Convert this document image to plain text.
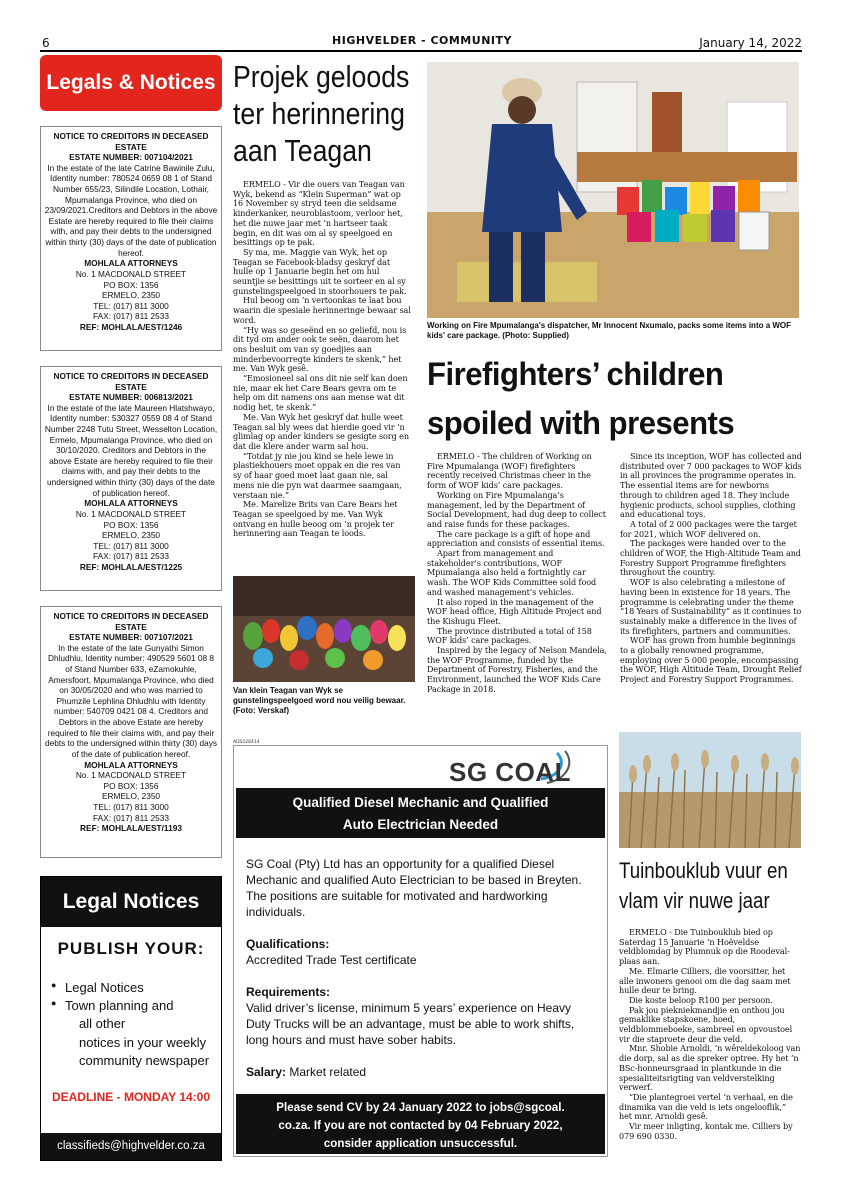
6	HIGHVELDER - COMMUNITY	January 14, 2022
Legals & Notices
NOTICE TO CREDITORS IN DECEASED ESTATE
ESTATE NUMBER: 007104/2021
In the estate of the late Catrine Bawinile Zulu, Identity number: 780524 0659 08 1 of Stand Number 655/23, Silindile Location, Lothair, Mpumalanga Province, who died on 23/09/2021.Creditors and Debtors in the above Estate are hereby required to file their claims with, and pay their debts to the undersigned within thirty (30) days of the date of publication hereof.
MOHLALA ATTORNEYS
No. 1 MACDONALD STREET
PO BOX: 1356
ERMELO, 2350
TEL: (017) 811 3000
FAX: (017) 811 2533
REF: MOHLALA/EST/1246
NOTICE TO CREDITORS IN DECEASED ESTATE
ESTATE NUMBER: 006813/2021
In the estate of the late Maureen Hlatshwayo, Identity number: 530327 0559 08 4 of Stand Number 2248 Tutu Street, Wesselton Location, Ermelo, Mpumalanga Province, who died on 30/10/2020. Creditors and Debtors in the above Estate are hereby required to file their claims with, and pay their debts to the undersigned within thirty (30) days of the date of publication hereof.
MOHLALA ATTORNEYS
No. 1 MACDONALD STREET
PO BOX: 1356
ERMELO, 2350
TEL: (017) 811 3000
FAX: (017) 811 2533
REF: MOHLALA/EST/1225
NOTICE TO CREDITORS IN DECEASED ESTATE
ESTATE NUMBER: 007107/2021
In the estate of the late Gunyathi Simon Dhludhlu, Identity number: 490529 5601 08 8 of Stand Number 633, eZamokuhle, Amersfoort, Mpumalanga Province, who died on 30/05/2020 and who was married to Phumzile Lephlina Dhludhlu with Identity number: 540709 0421 08 4. Creditors and Debtors in the above Estate are hereby required to file their claims with, and pay their debts to the undersigned within thirty (30) days of the date of publication hereof.
MOHLALA ATTORNEYS
No. 1 MACDONALD STREET
PO BOX: 1356
ERMELO, 2350
TEL: (017) 811 3000
FAX: (017) 811 2533
REF: MOHLALA/EST/1193
Legal Notices
PUBLISH YOUR:
● Legal Notices
● Town planning and
all other
notices in your weekly
community newspaper
DEADLINE - MONDAY 14:00
classifieds@highvelder.co.za
Projek geloods ter herinnering aan Teagan

ERMELO - Vir die ouers van Teagan van Wyk, bekend as “Klein Superman” wat op 16 November sy stryd teen die seldsame kinderkanker, neuroblastoom, verloor het, het die nuwe jaar met ’n hartseer taak begin, en dit was om al sy speelgoed en besittings op te pak.

Sy ma, me. Maggie van Wyk, het op Teagan se Facebook-bladsy geskryf dat hulle op 1 Januarie begin het om hul seuntjie se besittings uit te sorteer en al sy gunstelingspeelgoed in stoorhouers te pak.

Hul beoog om ’n vertoonkas te laat bou waarin die spesiale herinneringe bewaar sal word.

“Hy was so geseënd en so geliefd, nou is dit tyd om ander ook te seën, daarom het ons besluit om van sy goedjies aan minderbevoorregte kinders te skenk,” het me. Van Wyk gesê.

“Emosioneel sal ons dit nie self kan doen nie, maar ek het Care Bears gevra om te help om dit namens ons aan mense wat dit nodig het, te skenk.”

Me. Van Wyk het geskryf dat hulle weet Teagan sal bly wees dat hierdie goed vir ’n glimlag op ander kinders se gesigte sorg en dat die klere ander warm sal hou.

“Totdat jy nie jou kind se hele lewe in plastiekhouers moet oppak en die res van sy of haar goed moet laat gaan nie, sal mens nie die pyn wat daarmee saamgaan, verstaan nie.”

Me. Marelize Brits van Care Bears het Teagan se speelgoed by me. Van Wyk ontvang en hulle beoog om ’n projek ter herinnering aan Teagan te loods.

Van klein Teagan van Wyk se gunstelingspeelgoed word nou veilig bewaar. (Foto: Verskaf)
Working on Fire Mpumalanga's dispatcher, Mr Innocent Nxumalo, packs some items into a WOF kids' care package. (Photo: Supplied)
Firefighters’ children
spoiled with presents

ERMELO - The children of Working on Fire Mpumalanga (WOF) firefighters recently received Christmas cheer in the form of WOF kids’ care packages.

Working on Fire Mpumalanga’s management, led by the Department of Social Development, had dug deep to collect and raise funds for these packages.

The care package is a gift of hope and appreciation and consists of essential items.

Apart from management and stakeholder’s contributions, WOF Mpumalanga also held a fortnightly car wash. The WOF Kids Committee sold food and washed management’s vehicles.

It also roped in the management of the WOF head office, High Altitude Project and the Kishugu Fleet.

The province distributed a total of 158 WOF kids’ care packages.

Inspired by the legacy of Nelson Mandela, the WOF Programme, funded by the Department of Forestry, Fisheries, and the Environment, launched the WOF Kids Care Package in 2018.

Since its inception, WOF has collected and distributed over 7 000 packages to WOF kids in all provinces the programme operates in. The essential items are for newborns through to children aged 18. They include hygienic products, school supplies, clothing and educational toys.

A total of 2 000 packages were the target for 2021, which WOF delivered on.

The packages were handed over to the children of WOF, the High-Altitude Team and Forestry Support Programme firefighters throughout the country.

WOF is also celebrating a milestone of having been in existence for 18 years. The programme is celebrating under the theme “18 Years of Sustainability” as it continues to sustainably make a difference in the lives of its firefighters, partners and communities.

WOF has grown from humble beginnings to a globally renowned programme, employing over 5 000 people, encompassing the WOF, High Altitude Team, Drought Relief Project and Forestry Support Programmes.

ADS528414
SG COAL
Qualified Diesel Mechanic and Qualified
Auto Electrician Needed
SG Coal (Pty) Ltd has an opportunity for a qualified Diesel Mechanic and qualified Auto Electrician to be based in Breyten. The positions are suitable for motivated and hardworking individuals.
Qualifications:
Accredited Trade Test certificate
Requirements:
Valid driver’s license, minimum 5 years’ experience on Heavy Duty Trucks will be an advantage, must be able to work shifts, long hours and must have sober habits.
Salary: Market related
Please send CV by 24 January 2022 to jobs@sgcoal.
co.za. If you are not contacted by 04 February 2022,
consider application unsuccessful.
Tuinbouklub vuur en vlam vir nuwe jaar

ERMELO - Die Tuinbouklub bied op Saterdag 15 Januarie ’n Hoëveldse veldblomdag by Plumnuk op die Roodeval-plaas aan.

Me. Elmarie Cilliers, die voorsitter, het alle inwoners genooi om die dag saam met hulle deur te bring.

Die koste beloop R100 per persoon.

Pak jou piekniekmandjie en onthou jou gemaklike stapskoene, hoed, veldblommeboeke, sambreel en opvoustoel vir die staproete deur die veld.

Mnr. Shobie Arnoldi, ’n wêreldekoloog van die dorp, sal as die spreker optree. Hy het ’n BSc-honneursgraad in plantkunde in die spesialiteitsrigting van veldverstelking verwerf.

“Die plantegroei vertel ’n verhaal, en die dinamika van die veld is iets ongelooflik,” het mnr. Arnoldi gesê.

Vir meer inligting, kontak me. Cilliers by 079 690 0330.
